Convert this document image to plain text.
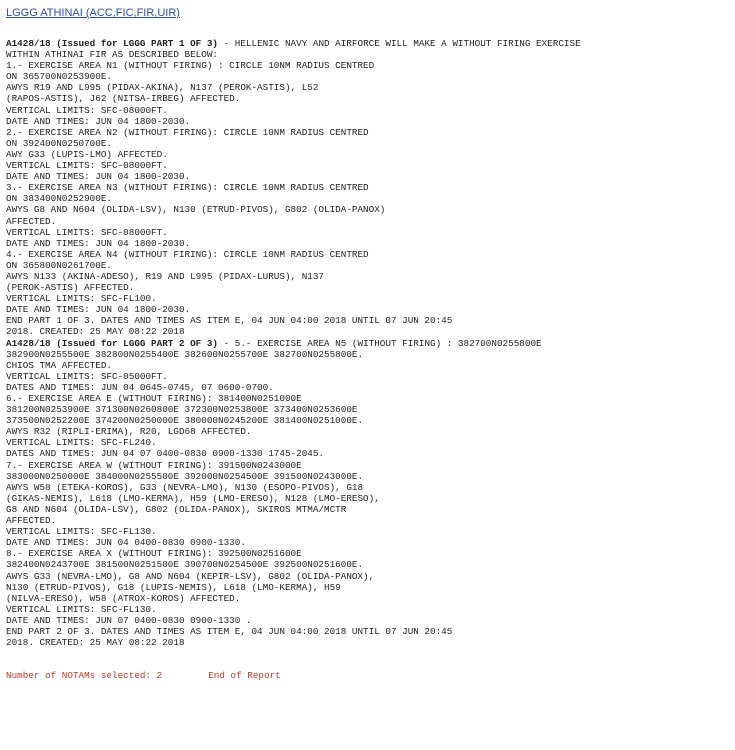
LGGG ATHINAI (ACC,FIC,FIR,UIR)
A1428/18 (Issued for LGGG PART 1 OF 3) - HELLENIC NAVY AND AIRFORCE WILL MAKE A WITHOUT FIRING EXERCISE
WITHIN ATHINAI FIR AS DESCRIBED BELOW:
1.- EXERCISE AREA N1 (WITHOUT FIRING) : CIRCLE 10NM RADIUS CENTRED
ON 365700N0253900E.
AWYS R19 AND L995 (PIDAX-AKINA), N137 (PEROK-ASTIS), L52
(RAPOS-ASTIS), J62 (NITSA-IRBEG) AFFECTED.
VERTICAL LIMITS: SFC-08000FT.
DATE AND TIMES: JUN 04 1800-2030.
2.- EXERCISE AREA N2 (WITHOUT FIRING): CIRCLE 10NM RADIUS CENTRED
ON 392400N0250700E.
AWY G33 (LUPIS-LMO) AFFECTED.
VERTICAL LIMITS: SFC-08000FT.
DATE AND TIMES: JUN 04 1800-2030.
3.- EXERCISE AREA N3 (WITHOUT FIRING): CIRCLE 10NM RADIUS CENTRED
ON 383400N0252900E.
AWYS G8 AND N604 (OLIDA-LSV), N130 (ETRUD-PIVOS), G802 (OLIDA-PANOX)
AFFECTED.
VERTICAL LIMITS: SFC-08000FT.
DATE AND TIMES: JUN 04 1800-2030.
4.- EXERCISE AREA N4 (WITHOUT FIRING): CIRCLE 10NM RADIUS CENTRED
ON 365800N0261700E.
AWYS N133 (AKINA-ADESO), R19 AND L995 (PIDAX-LURUS), N137
(PEROK-ASTIS) AFFECTED.
VERTICAL LIMITS: SFC-FL100.
DATE AND TIMES: JUN 04 1800-2030.
END PART 1 OF 3. DATES AND TIMES AS ITEM E, 04 JUN 04:00 2018 UNTIL 07 JUN 20:45
2018. CREATED: 25 MAY 08:22 2018
A1428/18 (Issued for LGGG PART 2 OF 3) - 5.- EXERCISE AREA N5 (WITHOUT FIRING) : 382700N0255800E
382900N0255500E 382800N0255400E 382600N0255700E 382700N0255800E.
CHIOS TMA AFFECTED.
VERTICAL LIMITS: SFC-05000FT.
DATES AND TIMES: JUN 04 0645-0745, 07 0600-0700.
6.- EXERCISE AREA E (WITHOUT FIRING): 381400N0251000E
381200N0253900E 371300N0260800E 372300N0253800E 373400N0253600E
373500N0252200E 374200N0250000E 380000N0245200E 381400N0251000E.
AWYS R32 (RIPLI-ERIMA), R20, LGD68 AFFECTED.
VERTICAL LIMITS: SFC-FL240.
DATES AND TIMES: JUN 04 07 0400-0830 0900-1330 1745-2045.
7.- EXERCISE AREA W (WITHOUT FIRING): 391500N0243000E
383000N0250000E 384000N0255500E 392000N0254500E 391500N0243000E.
AWYS W58 (ETEKA-KOROS), G33 (NEVRA-LMO), N130 (ESOPO-PIVOS), G18
(GIKAS-NEMIS), L618 (LMO-KERMA), H59 (LMO-ERESO), N128 (LMO-ERESO),
G8 AND N604 (OLIDA-LSV), G802 (OLIDA-PANOX), SKIROS MTMA/MCTR
AFFECTED.
VERTICAL LIMITS: SFC-FL130.
DATE AND TIMES: JUN 04 0400-0830 0900-1330.
8.- EXERCISE AREA X (WITHOUT FIRING): 392500N0251600E
382400N0243700E 381500N0251500E 390700N0254500E 392500N0251600E.
AWYS G33 (NEVRA-LMO), G8 AND N604 (KEPIR-LSV), G802 (OLIDA-PANOX),
N130 (ETRUD-PIVOS), G18 (LUPIS-NEMIS), L618 (LMO-KERMA), H59
(NILVA-ERESO), W58 (ATROX-KOROS) AFFECTED.
VERTICAL LIMITS: SFC-FL130.
DATE AND TIMES: JUN 07 0400-0830 0900-1330 .
END PART 2 OF 3. DATES AND TIMES AS ITEM E, 04 JUN 04:00 2018 UNTIL 07 JUN 20:45
2018. CREATED: 25 MAY 08:22 2018
Number of NOTAMs selected: 2	End of Report
